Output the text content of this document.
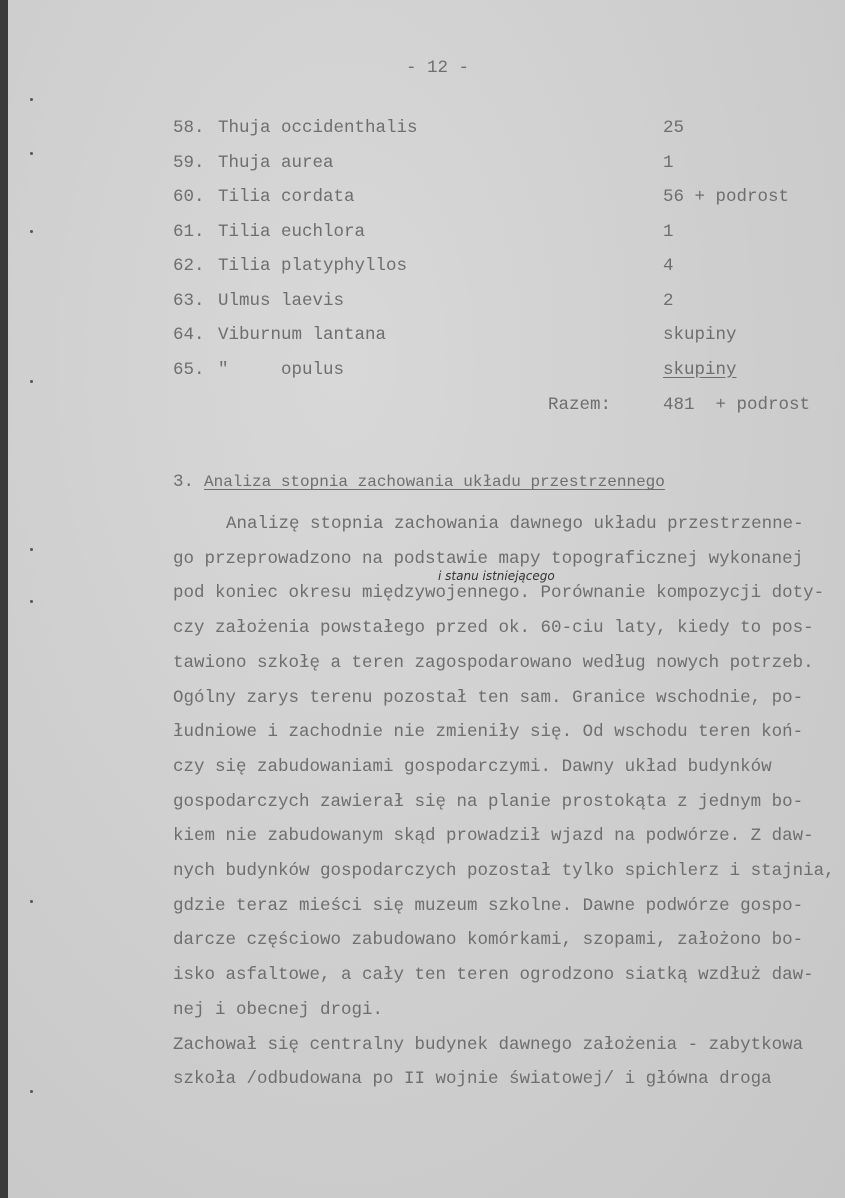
- 12 -
58. Thuja occidenthalis	25
59. Thuja aurea	1
60. Tilia cordata	56 + podrost
61. Tilia euchlora	1
62. Tilia platyphyllos	4
63. Ulmus laevis	2
64. Viburnum lantana	skupiny
65. "     opulus	skupiny
Razem:	481  + podrost
3. Analiza stopnia zachowania układu przestrzennego
i stanu istniejącego
Analizę stopnia zachowania dawnego układu przestrzenne-
go przeprowadzono na podstawie mapy topograficznej wykonanej
pod koniec okresu międzywojennego. Porównanie kompozycji doty-
czy założenia powstałego przed ok. 60-ciu laty, kiedy to pos-
tawiono szkołę a teren zagospodarowano według nowych potrzeb.
Ogólny zarys terenu pozostał ten sam. Granice wschodnie, po-
łudniowe i zachodnie nie zmieniły się. Od wschodu teren koń-
czy się zabudowaniami gospodarczymi. Dawny układ budynków
gospodarczych zawierał się na planie prostokąta z jednym bo-
kiem nie zabudowanym skąd prowadził wjazd na podwórze. Z daw-
nych budynków gospodarczych pozostał tylko spichlerz i stajnia,
gdzie teraz mieści się muzeum szkolne. Dawne podwórze gospo-
darcze częściowo zabudowano komórkami, szopami, założono bo-
isko asfaltowe, a cały ten teren ogrodzono siatką wzdłuż daw-
nej i obecnej drogi.
Zachował się centralny budynek dawnego założenia - zabytkowa
szkoła /odbudowana po II wojnie światowej/ i główna droga
